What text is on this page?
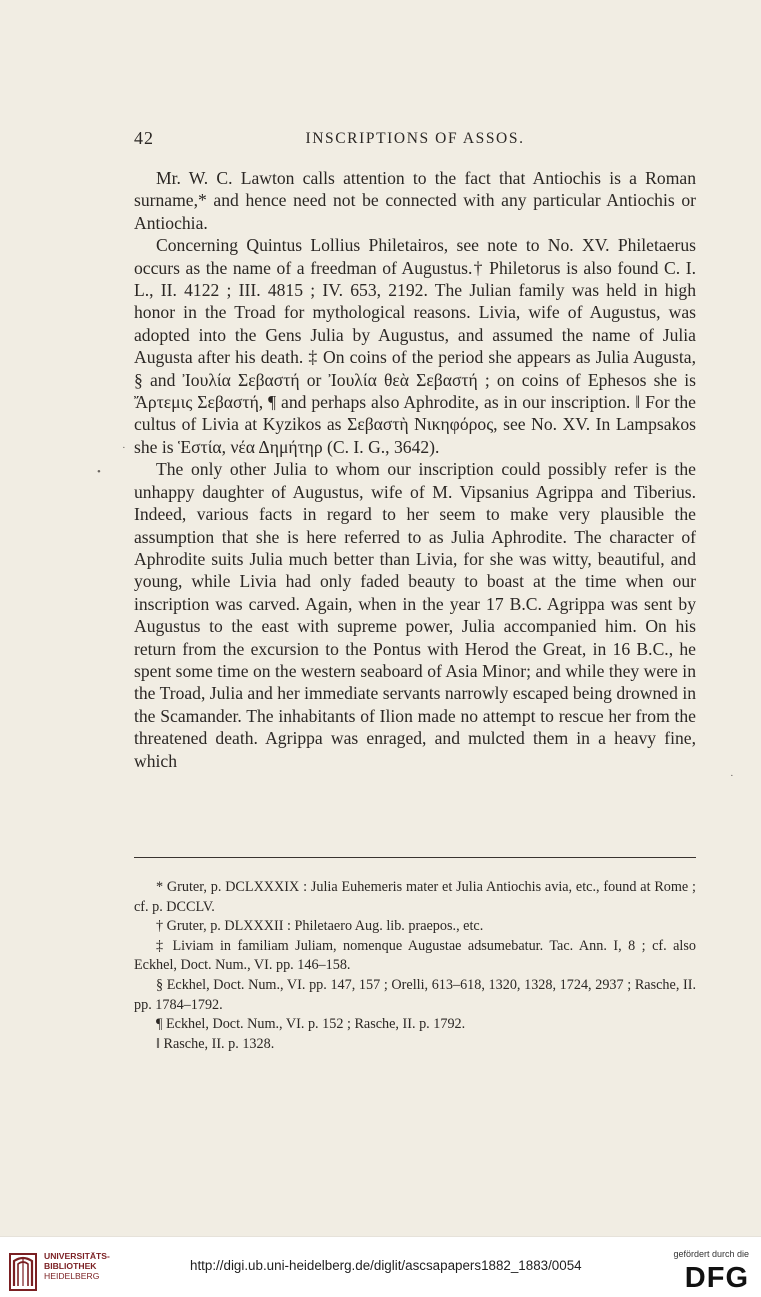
42	INSCRIPTIONS OF ASSOS.

Mr. W. C. Lawton calls attention to the fact that Antiochis is a Roman surname,* and hence need not be connected with any particular Antiochis or Antiochia.

Concerning Quintus Lollius Philetairos, see note to No. XV. Philetaerus occurs as the name of a freedman of Augustus.† Philetorus is also found C. I. L., II. 4122 ; III. 4815 ; IV. 653, 2192. The Julian family was held in high honor in the Troad for mythological reasons. Livia, wife of Augustus, was adopted into the Gens Julia by Augustus, and assumed the name of Julia Augusta after his death. ‡ On coins of the period she appears as Julia Augusta, § and Ἰουλία Σεβαστή or Ἰουλία θεὰ Σεβαστή ; on coins of Ephesos she is Ἄρτεμις Σεβαστή, ¶ and perhaps also Aphrodite, as in our inscription. ‖ For the cultus of Livia at Kyzikos as Σεβαστὴ Νικηφόρος, see No. XV. In Lampsakos she is Ἑστία, νέα Δημήτηρ (C. I. G., 3642).

The only other Julia to whom our inscription could possibly refer is the unhappy daughter of Augustus, wife of M. Vipsanius Agrippa and Tiberius. Indeed, various facts in regard to her seem to make very plausible the assumption that she is here referred to as Julia Aphrodite. The character of Aphrodite suits Julia much better than Livia, for she was witty, beautiful, and young, while Livia had only faded beauty to boast at the time when our inscription was carved. Again, when in the year 17 B.C. Agrippa was sent by Augustus to the east with supreme power, Julia accompanied him. On his return from the excursion to the Pontus with Herod the Great, in 16 B.C., he spent some time on the western seaboard of Asia Minor; and while they were in the Troad, Julia and her immediate servants narrowly escaped being drowned in the Scamander. The inhabitants of Ilion made no attempt to rescue her from the threatened death. Agrippa was enraged, and mulcted them in a heavy fine, which

·
•
·

* Gruter, p. DCLXXXIX : Julia Euhemeris mater et Julia Antiochis avia, etc., found at Rome ; cf. p. DCCLV.

† Gruter, p. DLXXXII : Philetaero Aug. lib. praepos., etc.

‡ Liviam in familiam Juliam, nomenque Augustae adsumebatur. Tac. Ann. I, 8 ; cf. also Eckhel, Doct. Num., VI. pp. 146–158.

§ Eckhel, Doct. Num., VI. pp. 147, 157 ; Orelli, 613–618, 1320, 1328, 1724, 2937 ; Rasche, II. pp. 1784–1792.

¶ Eckhel, Doct. Num., VI. p. 152 ; Rasche, II. p. 1792.

‖ Rasche, II. p. 1328.

UNIVERSITÄTS-
BIBLIOTHEK
HEIDELBERG
http://digi.ub.uni-heidelberg.de/diglit/ascsapapers1882_1883/0054
gefördert durch die
DFG
